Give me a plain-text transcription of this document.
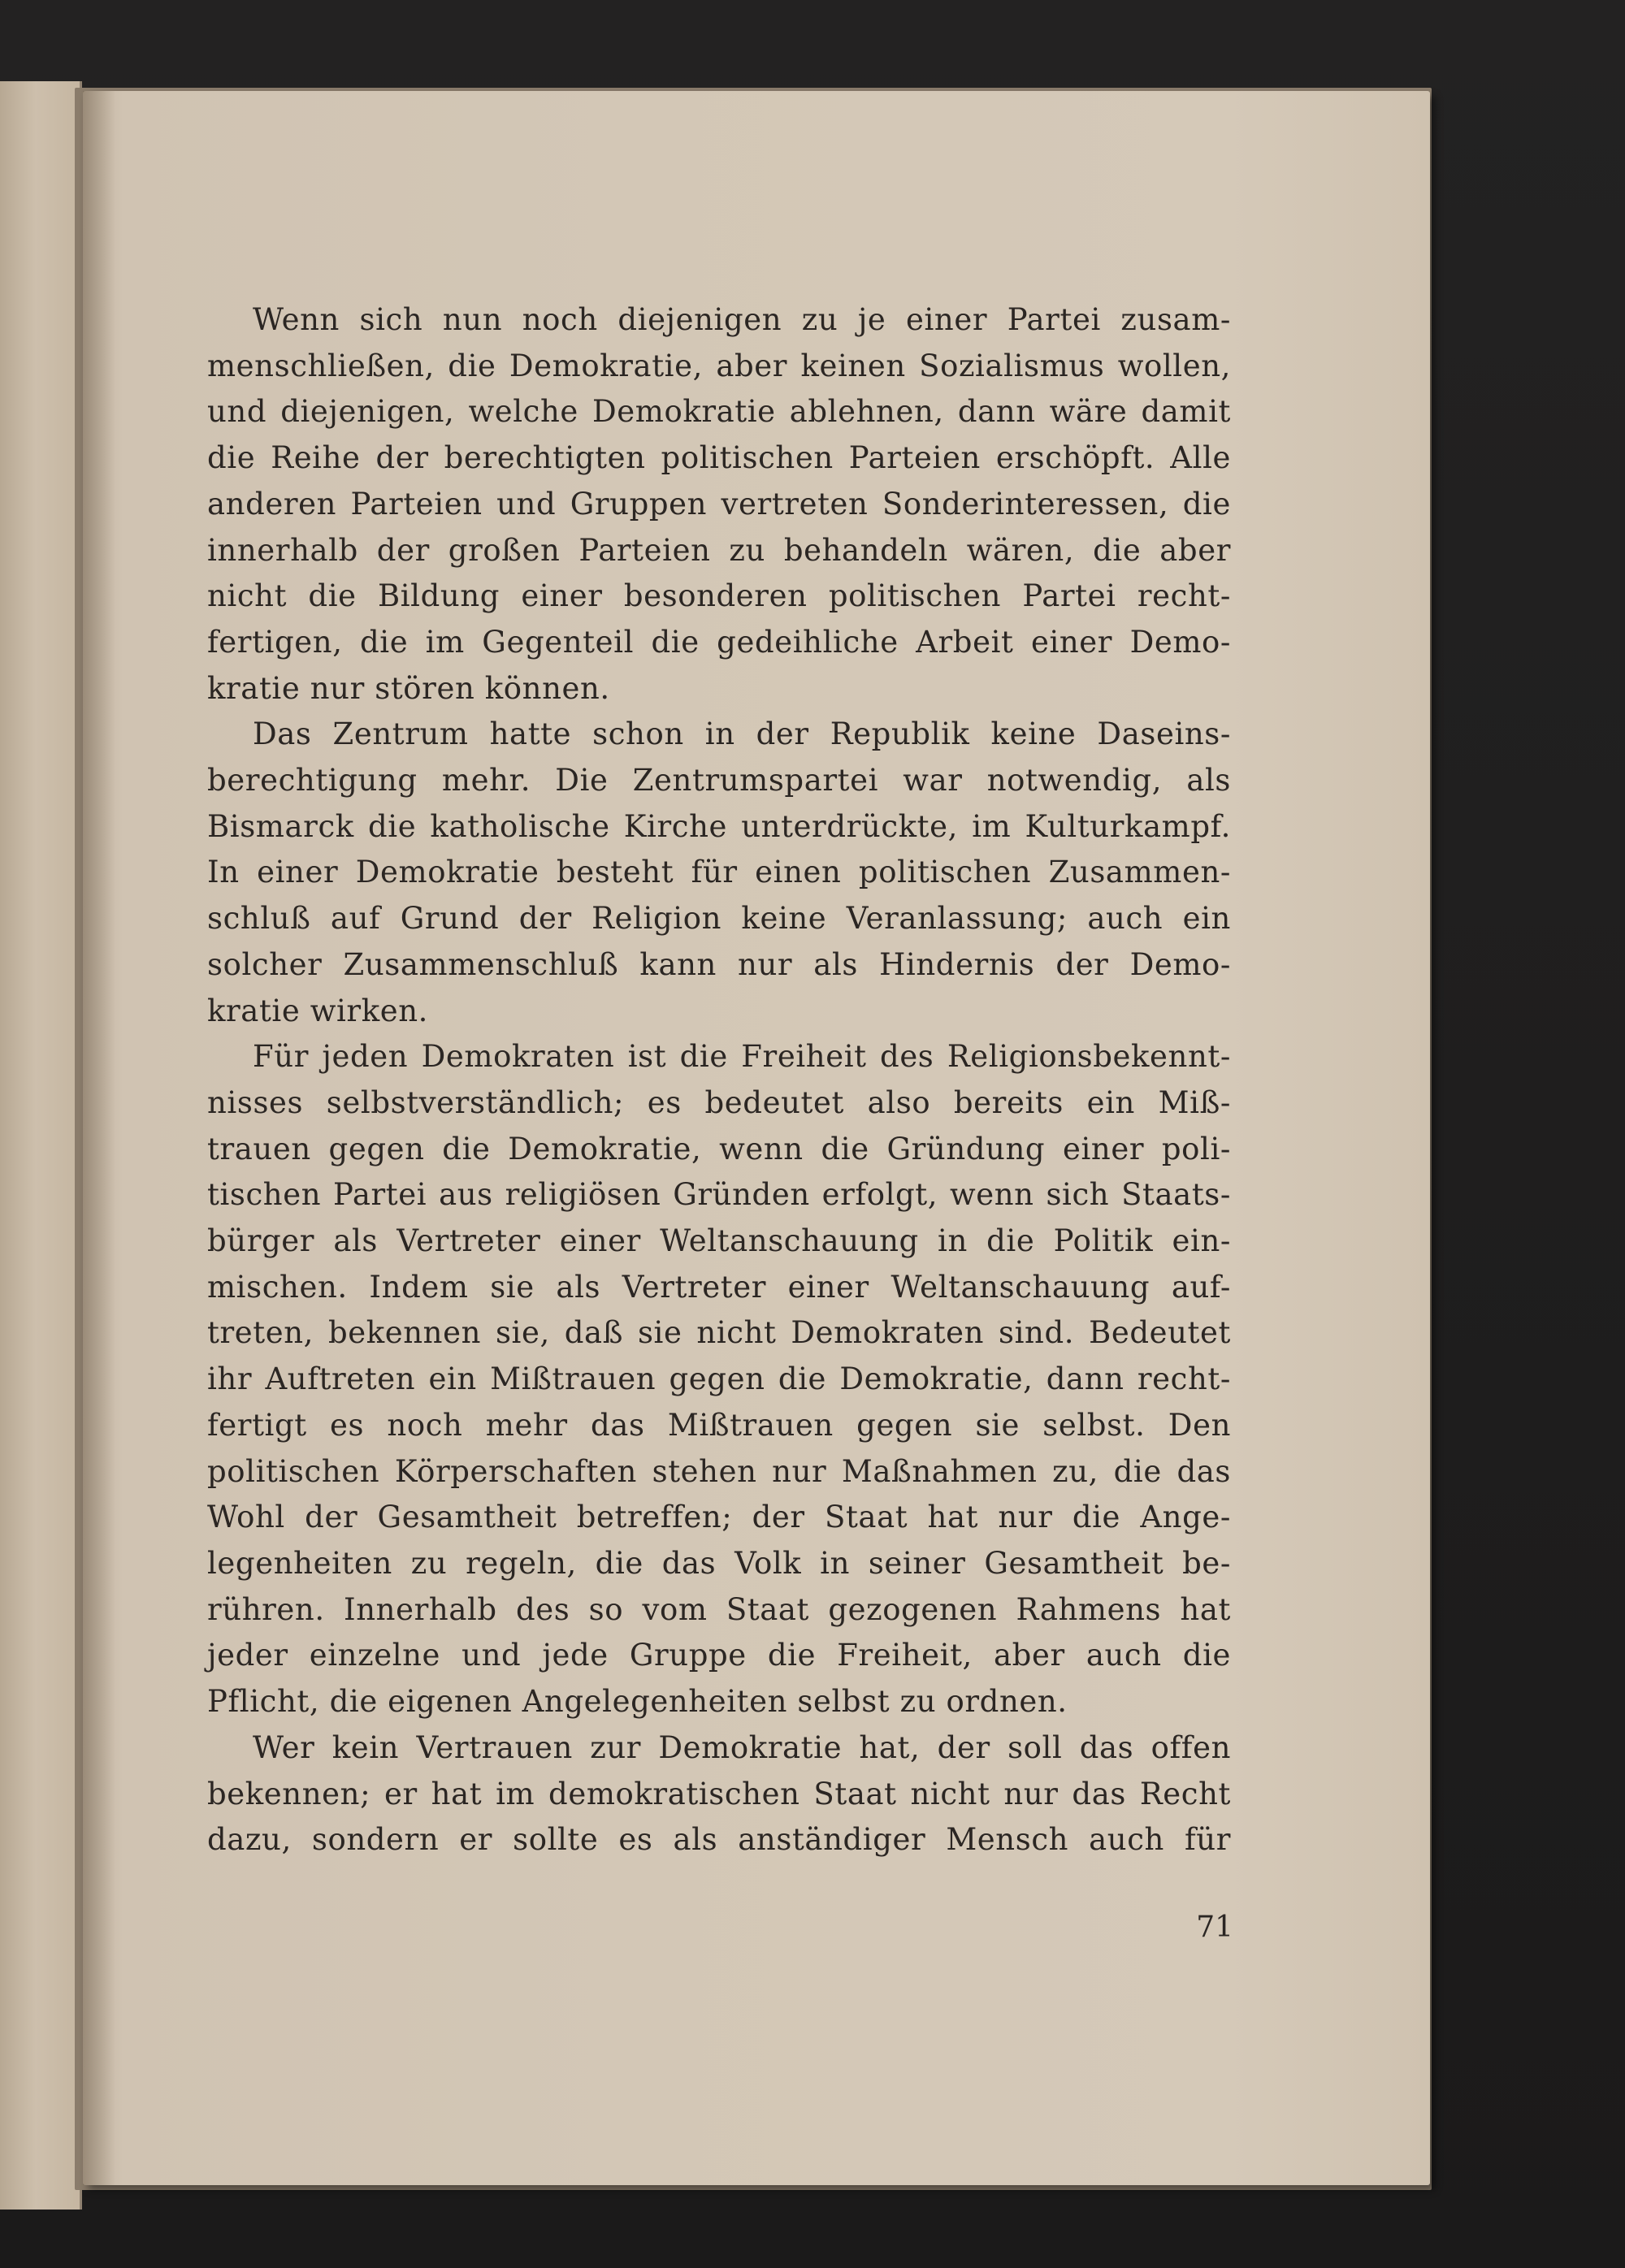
Wenn sich nun noch diejenigen zu je einer Partei zusam-
menschließen, die Demokratie, aber keinen Sozialismus wollen,
und diejenigen, welche Demokratie ablehnen, dann wäre damit
die Reihe der berechtigten politischen Parteien erschöpft. Alle
anderen Parteien und Gruppen vertreten Sonderinteressen, die
innerhalb der großen Parteien zu behandeln wären, die aber
nicht die Bildung einer besonderen politischen Partei recht-
fertigen, die im Gegenteil die gedeihliche Arbeit einer Demo-
kratie nur stören können.
Das Zentrum hatte schon in der Republik keine Daseins-
berechtigung mehr. Die Zentrumspartei war notwendig, als
Bismarck die katholische Kirche unterdrückte, im Kulturkampf.
In einer Demokratie besteht für einen politischen Zusammen-
schluß auf Grund der Religion keine Veranlassung; auch ein
solcher Zusammenschluß kann nur als Hindernis der Demo-
kratie wirken.
Für jeden Demokraten ist die Freiheit des Religionsbekennt-
nisses selbstverständlich; es bedeutet also bereits ein Miß-
trauen gegen die Demokratie, wenn die Gründung einer poli-
tischen Partei aus religiösen Gründen erfolgt, wenn sich Staats-
bürger als Vertreter einer Weltanschauung in die Politik ein-
mischen. Indem sie als Vertreter einer Weltanschauung auf-
treten, bekennen sie, daß sie nicht Demokraten sind. Bedeutet
ihr Auftreten ein Mißtrauen gegen die Demokratie, dann recht-
fertigt es noch mehr das Mißtrauen gegen sie selbst. Den
politischen Körperschaften stehen nur Maßnahmen zu, die das
Wohl der Gesamtheit betreffen; der Staat hat nur die Ange-
legenheiten zu regeln, die das Volk in seiner Gesamtheit be-
rühren. Innerhalb des so vom Staat gezogenen Rahmens hat
jeder einzelne und jede Gruppe die Freiheit, aber auch die
Pflicht, die eigenen Angelegenheiten selbst zu ordnen.
Wer kein Vertrauen zur Demokratie hat, der soll das offen
bekennen; er hat im demokratischen Staat nicht nur das Recht
dazu, sondern er sollte es als anständiger Mensch auch für
71
